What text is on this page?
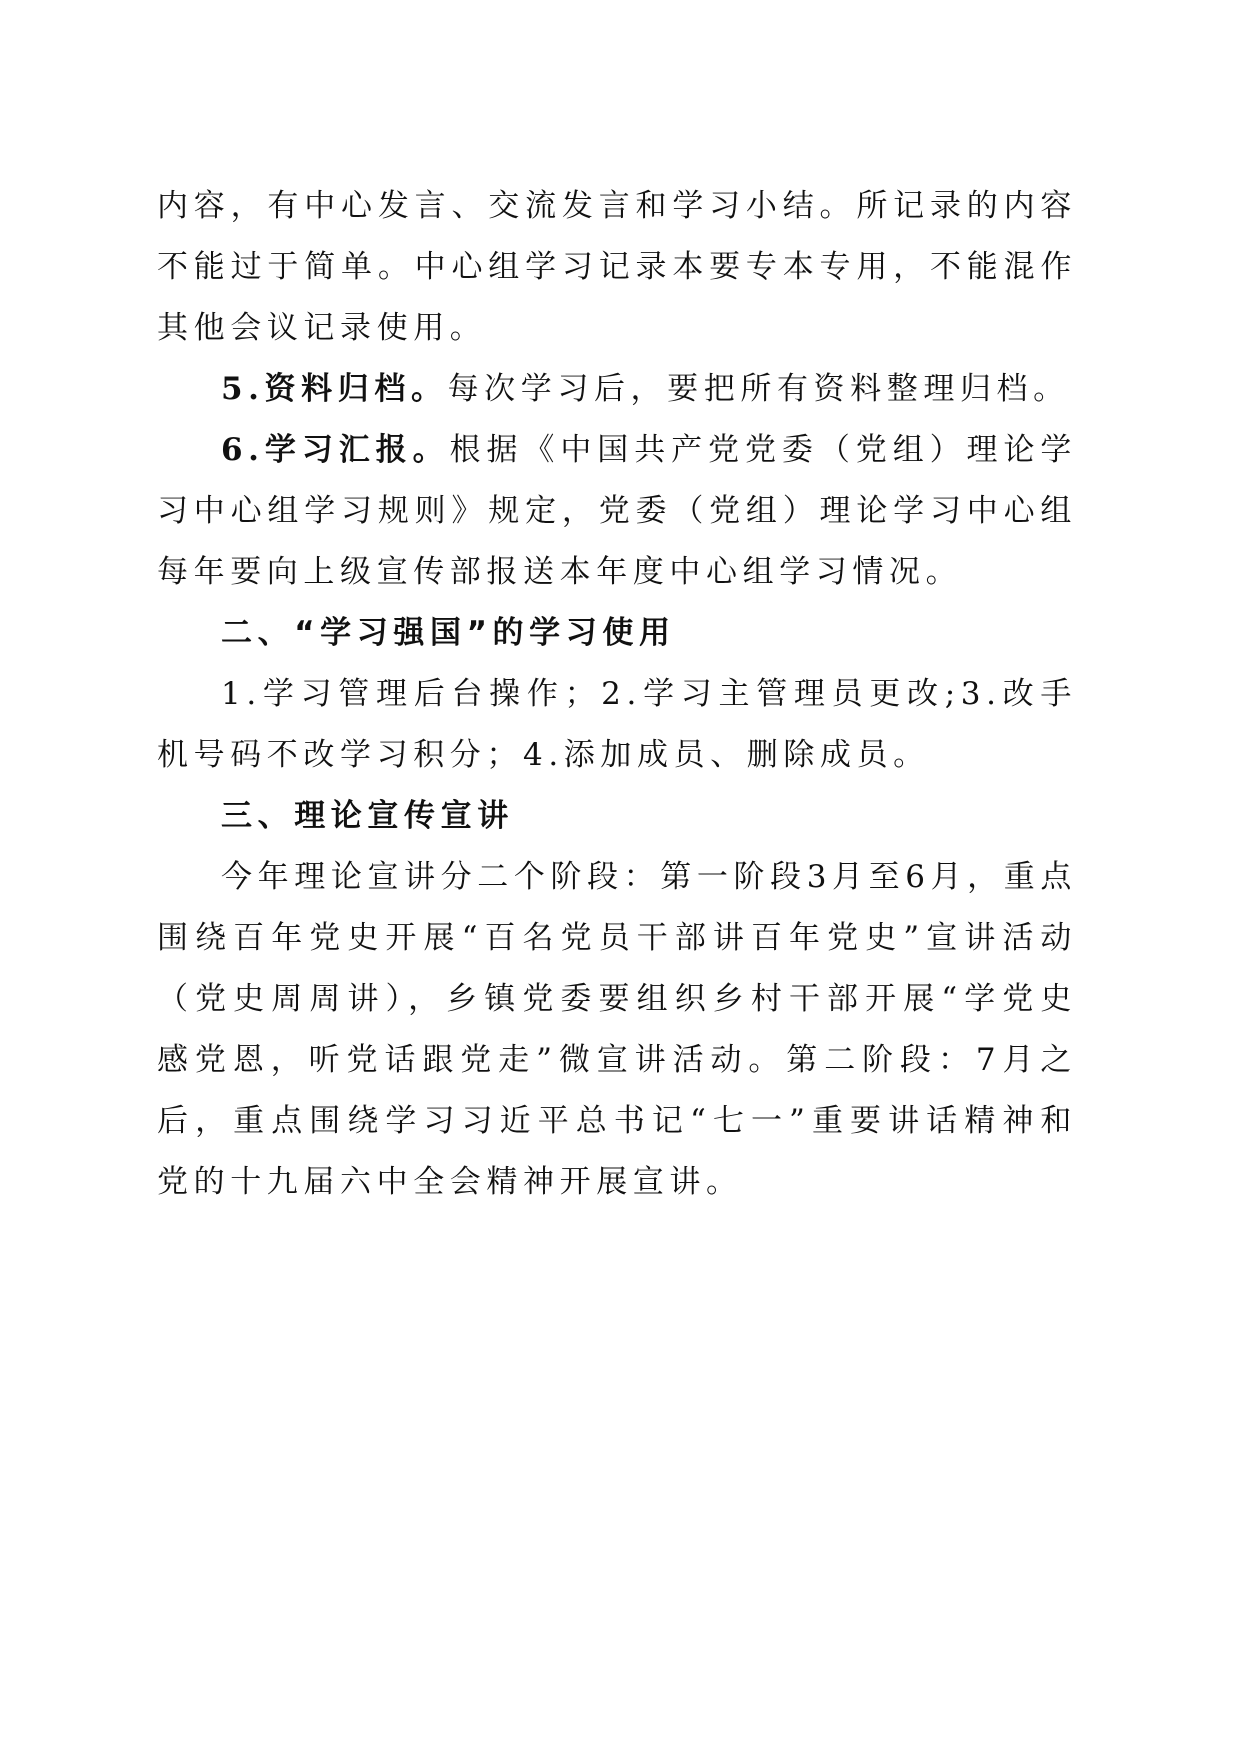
内容，有中心发言、交流发言和学习小结。所记录的内容不能过于简单。中心组学习记录本要专本专用，不能混作其他会议记录使用。

5.资料归档。每次学习后，要把所有资料整理归档。

6.学习汇报。根据《中国共产党党委（党组）理论学习中心组学习规则》规定，党委（党组）理论学习中心组每年要向上级宣传部报送本年度中心组学习情况。

二、“学习强国”的学习使用

1.学习管理后台操作；2.学习主管理员更改;3.改手机号码不改学习积分；4.添加成员、删除成员。

三、理论宣传宣讲

今年理论宣讲分二个阶段：第一阶段3月至6月，重点围绕百年党史开展“百名党员干部讲百年党史”宣讲活动（党史周周讲），乡镇党委要组织乡村干部开展“学党史感党恩，听党话跟党走”微宣讲活动。第二阶段：7月之后，重点围绕学习习近平总书记“七一”重要讲话精神和党的十九届六中全会精神开展宣讲。
